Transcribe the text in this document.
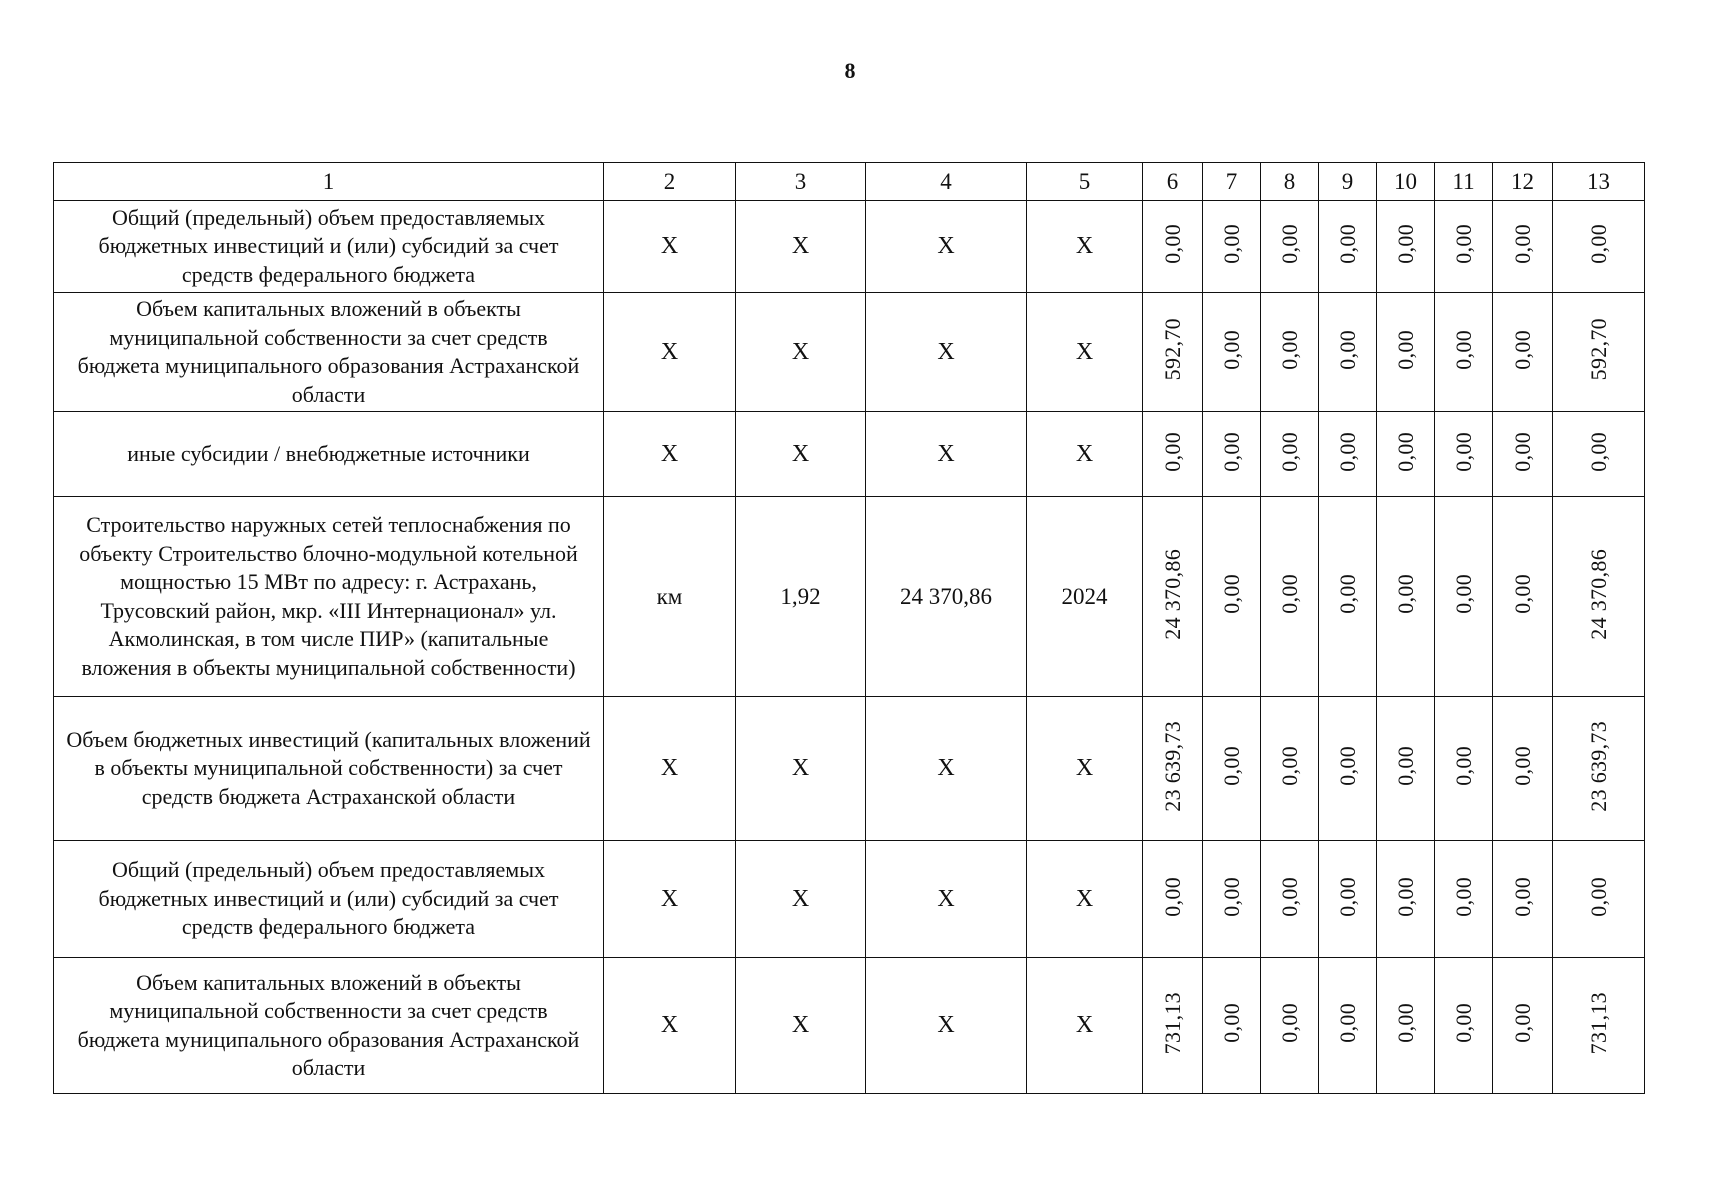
8
1	2	3	4	5	6	7	8	9	10	11	12	13
Общий (предельный) объем предоставляемых бюджетных инвестиций и (или) субсидий за счет средств федерального бюджета	X	X	X	X	0,00	0,00	0,00	0,00	0,00	0,00	0,00	0,00
Объем капитальных вложений в объекты муниципальной собственности за счет средств бюджета муниципального образования Астраханской области	X	X	X	X	592,70	0,00	0,00	0,00	0,00	0,00	0,00	592,70
иные субсидии / внебюджетные источники	X	X	X	X	0,00	0,00	0,00	0,00	0,00	0,00	0,00	0,00
Строительство наружных сетей теплоснабжения по объекту Строительство блочно-модульной котельной мощностью 15 МВт по адресу: г. Астрахань, Трусовский район, мкр. «III Интернационал» ул. Акмолинская, в том числе ПИР» (капитальные вложения в объекты муниципальной собственности)	км	1,92	24 370,86	2024	24 370,86	0,00	0,00	0,00	0,00	0,00	0,00	24 370,86
Объем бюджетных инвестиций (капитальных вложений в объекты муниципальной собственности) за счет средств бюджета Астраханской области	X	X	X	X	23 639,73	0,00	0,00	0,00	0,00	0,00	0,00	23 639,73
Общий (предельный) объем предоставляемых бюджетных инвестиций и (или) субсидий за счет средств федерального бюджета	X	X	X	X	0,00	0,00	0,00	0,00	0,00	0,00	0,00	0,00
Объем капитальных вложений в объекты муниципальной собственности за счет средств бюджета муниципального образования Астраханской области	X	X	X	X	731,13	0,00	0,00	0,00	0,00	0,00	0,00	731,13
